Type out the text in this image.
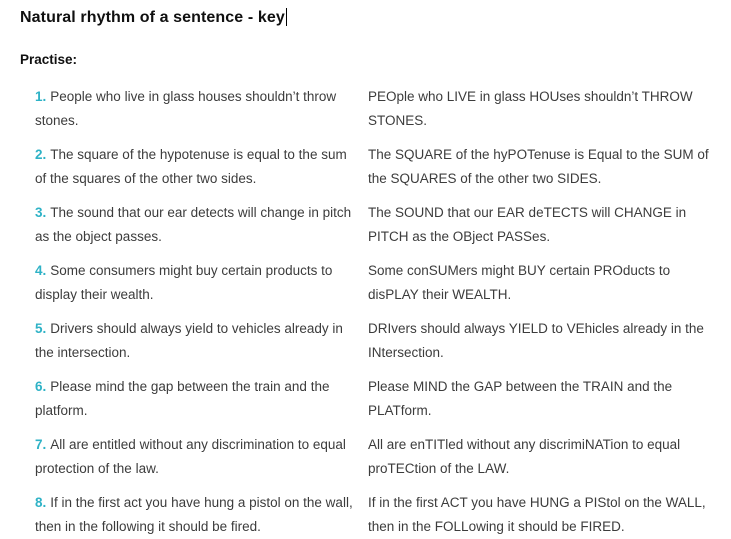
Natural rhythm of a sentence - key
Practise:
1. People who live in glass houses shouldn’t throw stones.
PEOple who LIVE in glass HOUses shouldn’t THROW STONES.
2. The square of the hypotenuse is equal to the sum of the squares of the other two sides.
The SQUARE of the hyPOTenuse is Equal to the SUM of the SQUARES of the other two SIDES.
3. The sound that our ear detects will change in pitch as the object passes.
The SOUND that our EAR deTECTS will CHANGE in PITCH as the OBject PASSes.
4. Some consumers might buy certain products to display their wealth.
Some conSUMers might BUY certain PROducts to disPLAY their WEALTH.
5. Drivers should always yield to vehicles already in the intersection.
DRIvers should always YIELD to VEhicles already in the INtersection.
6. Please mind the gap between the train and the platform.
Please MIND the GAP between the TRAIN and the PLATform.
7. All are entitled without any discrimination to equal protection of the law.
All are enTITled without any discrimiNATion to equal proTECtion of the LAW.
8. If in the first act you have hung a pistol on the wall, then in the following it should be fired.
If in the first ACT you have HUNG a PIStol on the WALL, then in the FOLLowing it should be FIRED.
